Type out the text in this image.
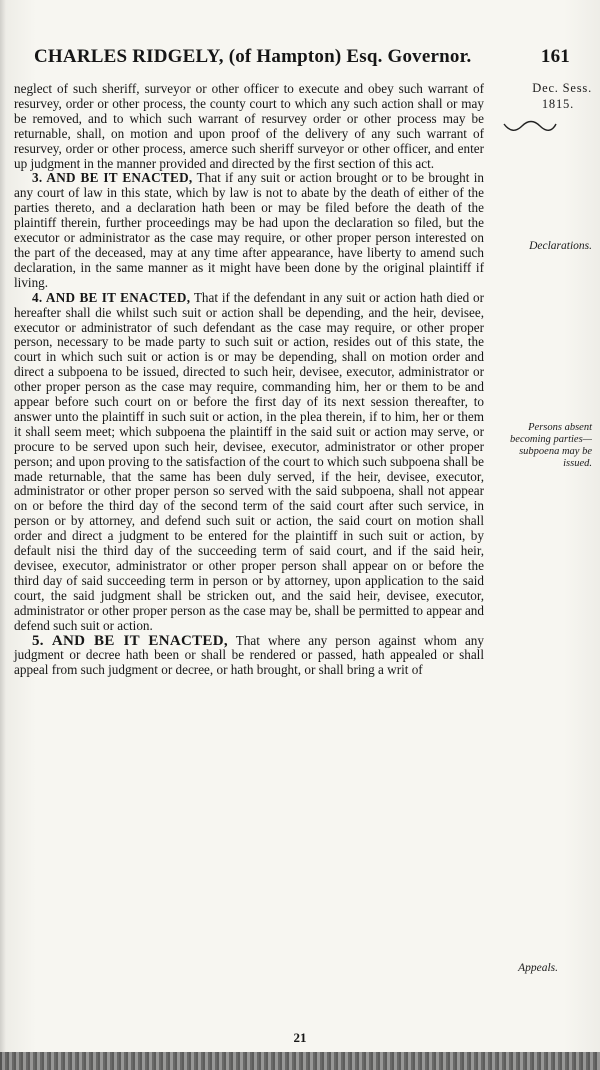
CHARLES RIDGELY, (of Hampton) Esq. Governor.	161
Dec. Sess.
1815.
Declarations.
Persons absent becoming parties—subpoena may be issued.
Appeals.

neglect of such sheriff, surveyor or other officer to execute and obey such warrant of resurvey, order or other process, the county court to which any such action shall or may be removed, and to which such warrant of resurvey order or other process may be returnable, shall, on motion and upon proof of the delivery of any such warrant of resurvey, order or other process, amerce such sheriff surveyor or other officer, and enter up judgment in the manner provided and directed by the first section of this act.

3. AND BE IT ENACTED, That if any suit or action brought or to be brought in any court of law in this state, which by law is not to abate by the death of either of the parties thereto, and a declaration hath been or may be filed before the death of the plaintiff therein, further proceedings may be had upon the declaration so filed, but the executor or administrator as the case may require, or other proper person interested on the part of the deceased, may at any time after appearance, have liberty to amend such declaration, in the same manner as it might have been done by the original plaintiff if living.

4. AND BE IT ENACTED, That if the defendant in any suit or action hath died or hereafter shall die whilst such suit or action shall be depending, and the heir, devisee, executor or administrator of such defendant as the case may require, or other proper person, necessary to be made party to such suit or action, resides out of this state, the court in which such suit or action is or may be depending, shall on motion order and direct a subpoena to be issued, directed to such heir, devisee, executor, administrator or other proper person as the case may require, commanding him, her or them to be and appear before such court on or before the first day of its next session thereafter, to answer unto the plaintiff in such suit or action, in the plea therein, if to him, her or them it shall seem meet; which subpoena the plaintiff in the said suit or action may serve, or procure to be served upon such heir, devisee, executor, administrator or other proper person; and upon proving to the satisfaction of the court to which such subpoena shall be made returnable, that the same has been duly served, if the heir, devisee, executor, administrator or other proper person so served with the said subpoena, shall not appear on or before the third day of the second term of the said court after such service, in person or by attorney, and defend such suit or action, the said court on motion shall order and direct a judgment to be entered for the plaintiff in such suit or action, by default nisi the third day of the succeeding term of said court, and if the said heir, devisee, executor, administrator or other proper person shall appear on or before the third day of said succeeding term in person or by attorney, upon application to the said court, the said judgment shall be stricken out, and the said heir, devisee, executor, administrator or other proper person as the case may be, shall be permitted to appear and defend such suit or action.

5. AND BE IT ENACTED, That where any person against whom any judgment or decree hath been or shall be rendered or passed, hath appealed or shall appeal from such judgment or decree, or hath brought, or shall bring a writ of

21
